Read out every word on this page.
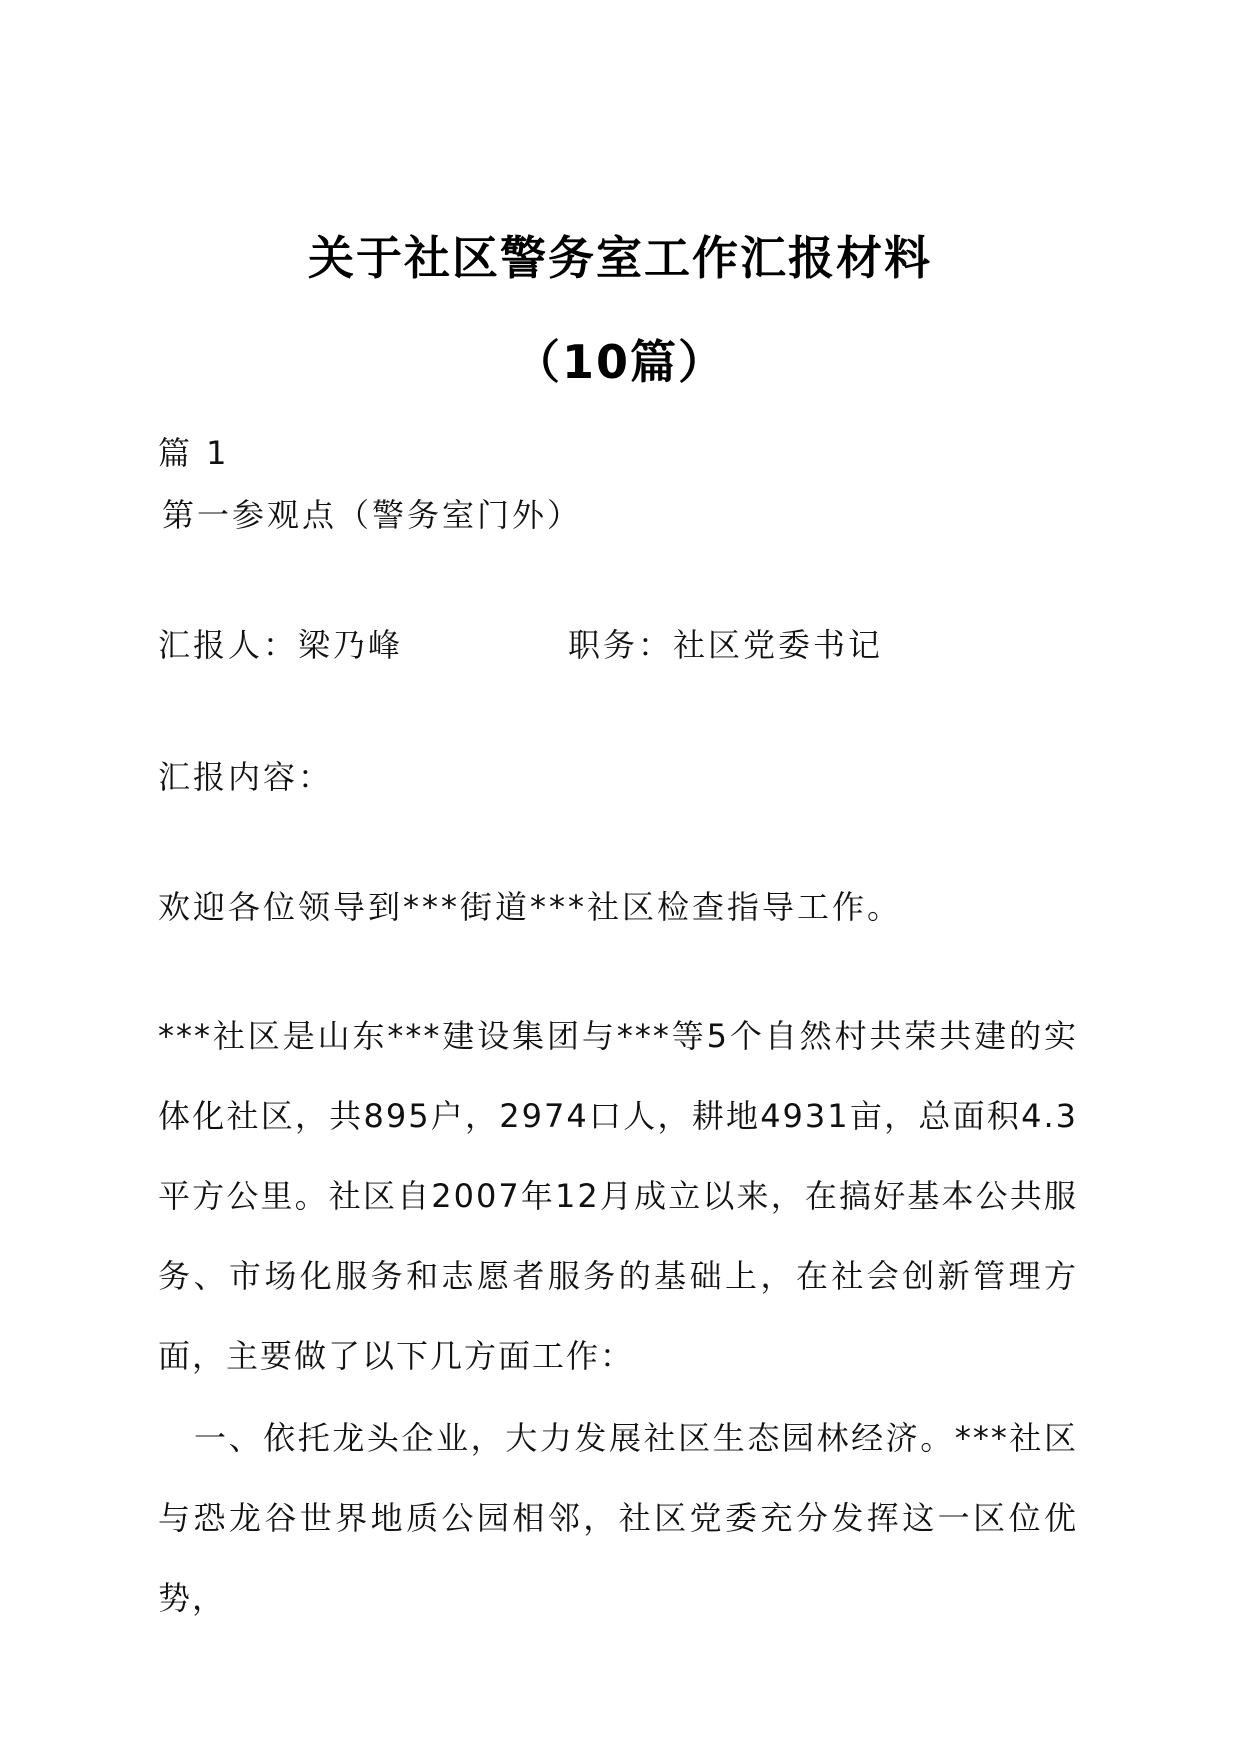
关于社区警务室工作汇报材料
（10篇）
篇 1
第一参观点（警务室门外）
汇报人：梁乃峰	职务：社区党委书记
汇报内容：
欢迎各位领导到***街道***社区检查指导工作。
***社区是山东***建设集团与***等5个自然村共荣共建的实体化社区，共895户，2974口人，耕地4931亩，总面积4.3平方公里。社区自2007年12月成立以来，在搞好基本公共服务、市场化服务和志愿者服务的基础上，在社会创新管理方面，主要做了以下几方面工作：
一、依托龙头企业，大力发展社区生态园林经济。***社区与恐龙谷世界地质公园相邻，社区党委充分发挥这一区位优势，
